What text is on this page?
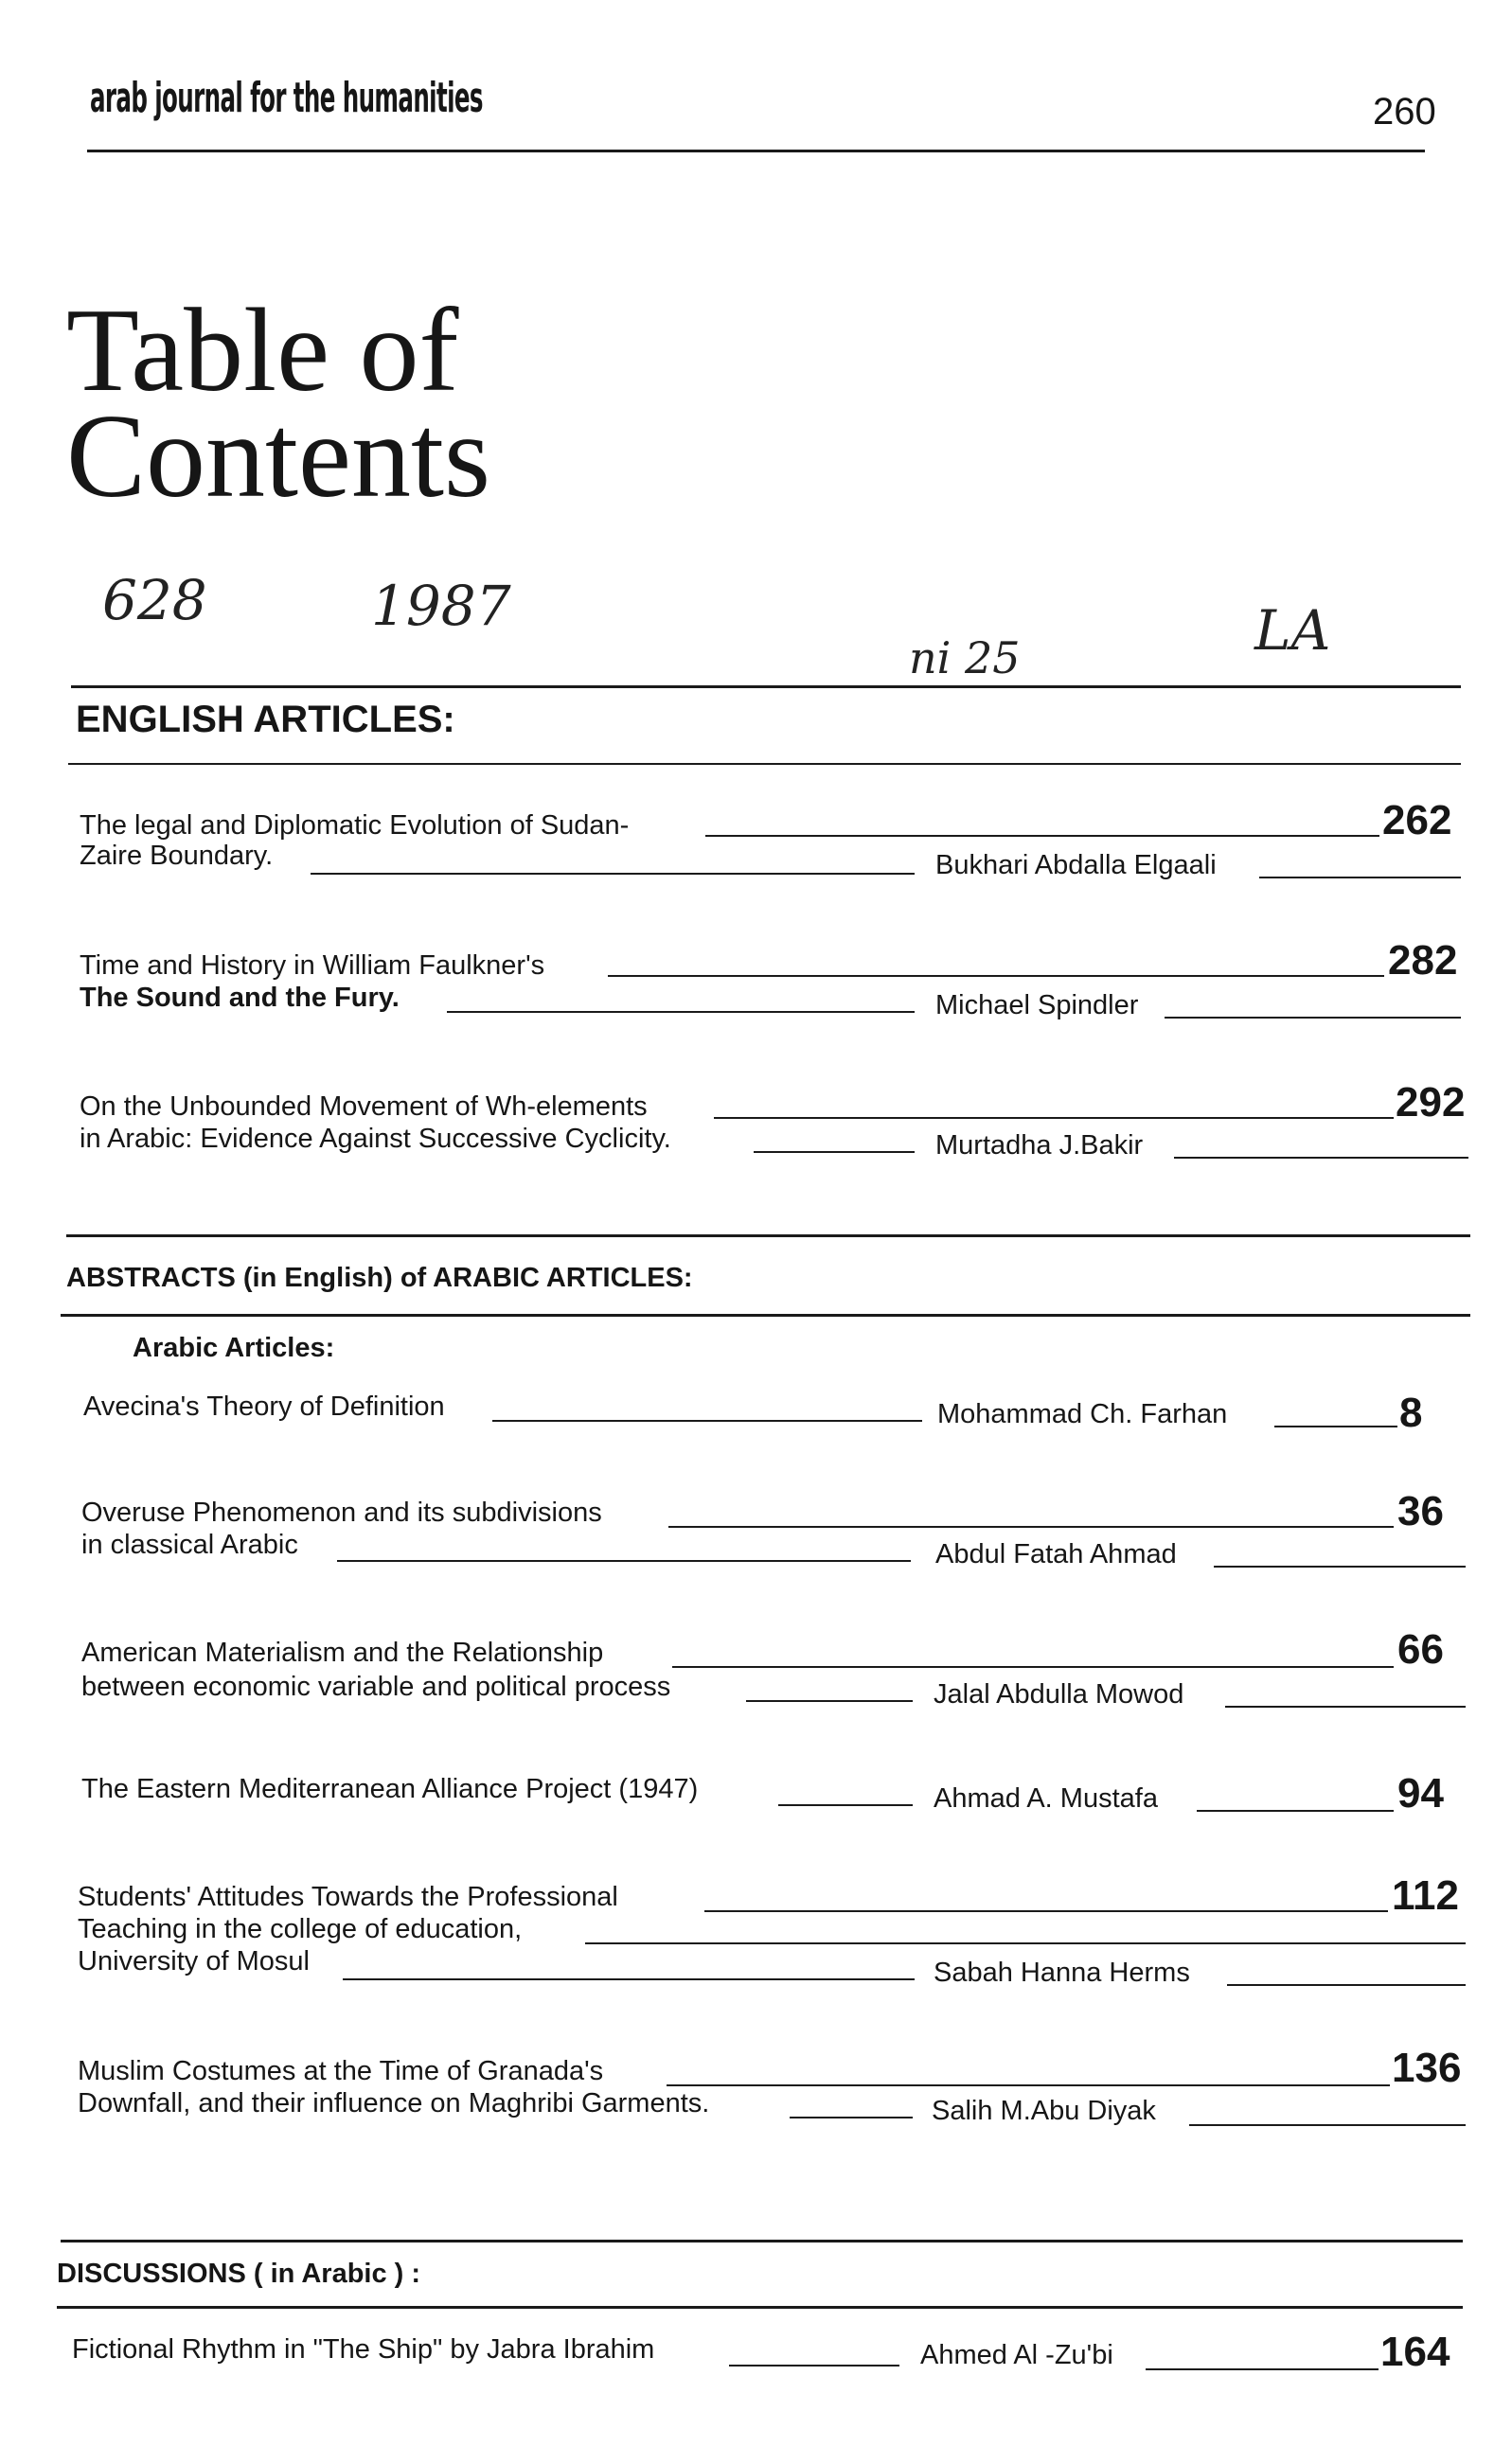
arab journal for the humanities	260
Table of
Contents
628	1987
ni 25	LA
ENGLISH ARTICLES:
The legal and Diplomatic Evolution of Sudan-	262
Zaire Boundary.	Bukhari Abdalla Elgaali
Time and History in William Faulkner's	282
The Sound and the Fury.	Michael Spindler
On the Unbounded Movement of Wh-elements	292
in Arabic: Evidence Against Successive Cyclicity.	Murtadha J.Bakir
ABSTRACTS (in English) of ARABIC ARTICLES:
Arabic Articles:
Avecina's Theory of Definition	Mohammad Ch. Farhan	8
Overuse Phenomenon and its subdivisions	36
in classical Arabic	Abdul Fatah Ahmad
American Materialism and the Relationship	66
between economic variable and political process	Jalal Abdulla Mowod
The Eastern Mediterranean Alliance Project (1947)	Ahmad A. Mustafa	94
Students' Attitudes Towards the Professional	112
Teaching in the college of education,
University of Mosul	Sabah Hanna Herms
Muslim Costumes at the Time of Granada's	136
Downfall, and their influence on Maghribi Garments.	Salih M.Abu Diyak
DISCUSSIONS ( in Arabic ) :
Fictional Rhythm in "The Ship" by Jabra Ibrahim	Ahmed Al -Zu'bi	164
